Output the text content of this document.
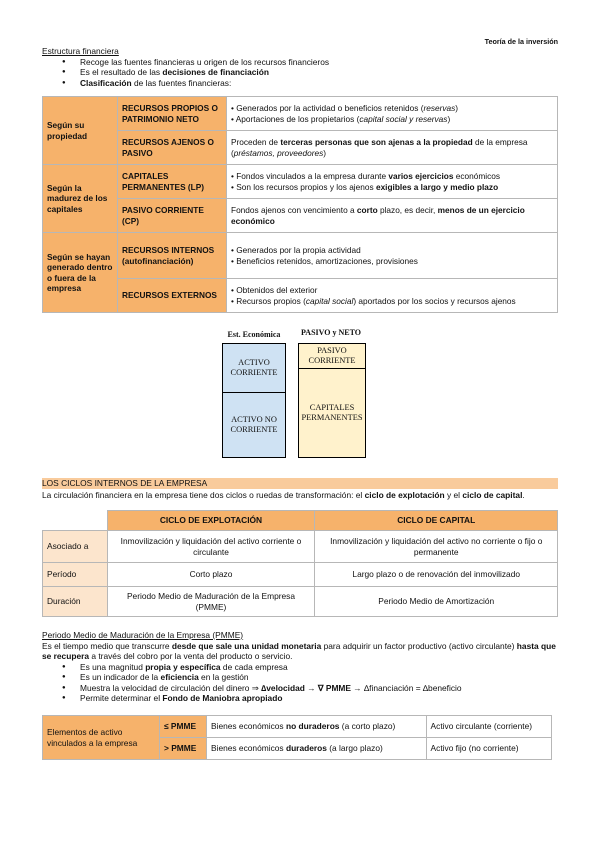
Teoría de la inversión
Estructura financiera
● Recoge las fuentes financieras u origen de los recursos financieros
● Es el resultado de las decisiones de financiación
● Clasificación de las fuentes financieras:
Según su propiedad	RECURSOS PROPIOS O PATRIMONIO NETO	• Generados por la actividad o beneficios retenidos (reservas)
• Aportaciones de los propietarios (capital social y reservas)

	RECURSOS AJENOS O PASIVO	Proceden de terceras personas que son ajenas a la propiedad de la empresa
(préstamos, proveedores)

Según la madurez de los capitales	CAPITALES PERMANENTES (LP)	• Fondos vinculados a la empresa durante varios ejercicios económicos
• Son los recursos propios y los ajenos exigibles a largo y medio plazo

	PASIVO CORRIENTE (CP)	Fondos ajenos con vencimiento a corto plazo, es decir, menos de un ejercicio económico
Según se hayan generado dentro o fuera de la empresa	RECURSOS INTERNOS (autofinanciación)	• Generados por la propia actividad
• Beneficios retenidos, amortizaciones, provisiones

	RECURSOS EXTERNOS	• Obtenidos del exterior
• Recursos propios (capital social) aportados por los socios y recursos ajenos
Est. Económica	PASIVO y NETO
ACTIVO CORRIENTE
ACTIVO NO CORRIENTE
PASIVO CORRIENTE
CAPITALES PERMANENTES
LOS CICLOS INTERNOS DE LA EMPRESA
La circulación financiera en la empresa tiene dos ciclos o ruedas de transformación: el ciclo de explotación y el ciclo de capital.
	CICLO DE EXPLOTACIÓN	CICLO DE CAPITAL
Asociado a	Inmovilización y liquidación del activo corriente o circulante	Inmovilización y liquidación del activo no corriente o fijo o permanente
Período	Corto plazo	Largo plazo o de renovación del inmovilizado
Duración	Periodo Medio de Maduración de la Empresa (PMME)	Periodo Medio de Amortización
Periodo Medio de Maduración de la Empresa (PMME)
Es el tiempo medio que transcurre desde que sale una unidad monetaria para adquirir un factor productivo (activo circulante) hasta que se recupera a través del cobro por la venta del producto o servicio.
● Es una magnitud propia y específica de cada empresa
● Es un indicador de la eficiencia en la gestión
● Muestra la velocidad de circulación del dinero ⇒ ∆velocidad → ∇ PMME → ∆financiación = ∆beneficio
● Permite determinar el Fondo de Maniobra apropiado
Elementos de activo vinculados a la empresa	≤ PMME	Bienes económicos no duraderos (a corto plazo)	Activo circulante (corriente)
	> PMME	Bienes económicos duraderos (a largo plazo)	Activo fijo (no corriente)
